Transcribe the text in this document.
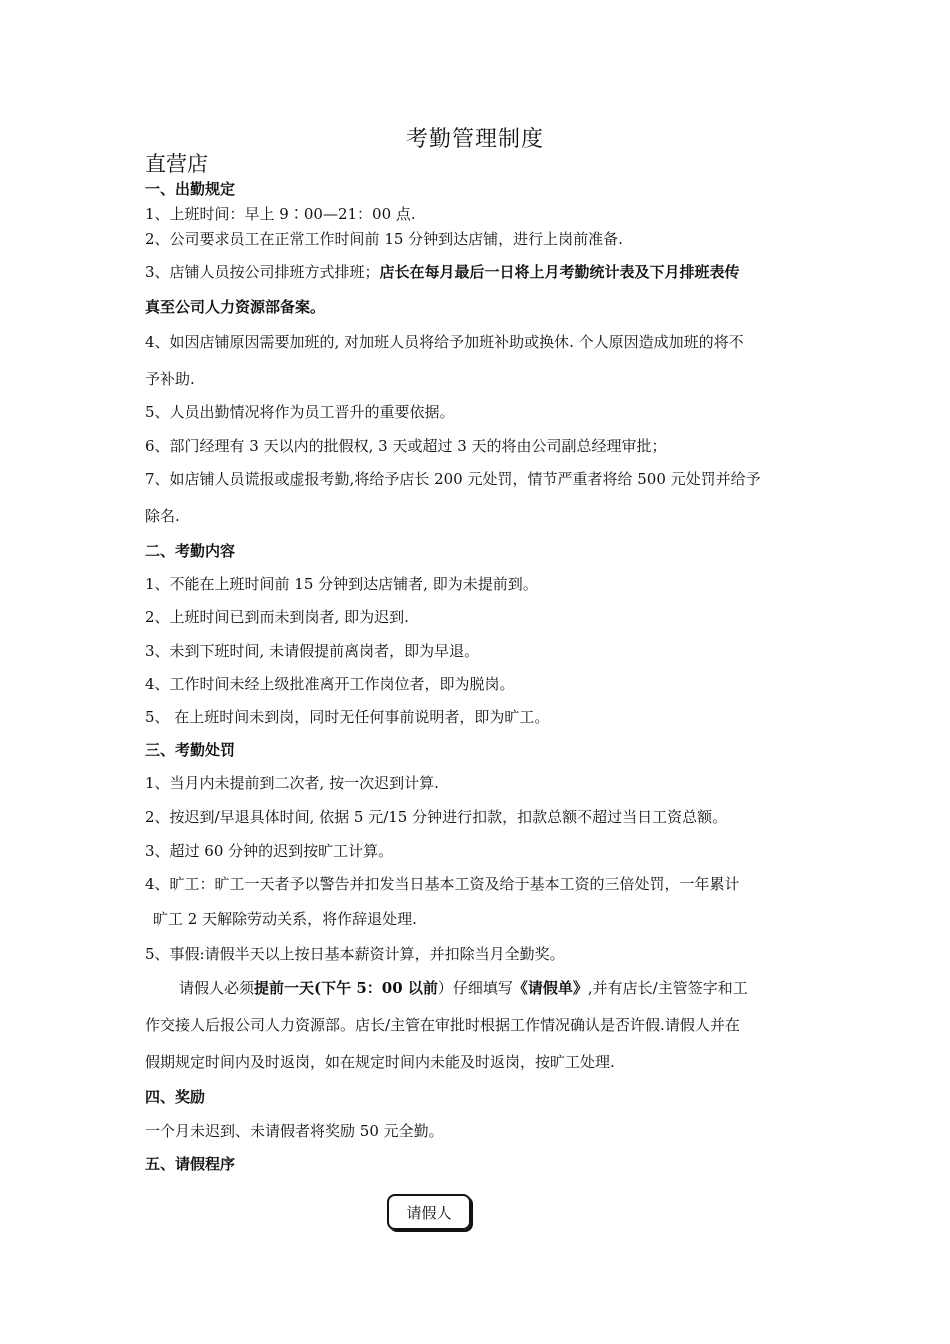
考勤管理制度
直营店
一、出勤规定
1、上班时间：早上 9∶00—21：00 点.
2、公司要求员工在正常工作时间前 15 分钟到达店铺，进行上岗前准备.
3、店铺人员按公司排班方式排班；店长在每月最后一日将上月考勤统计表及下月排班表传
真至公司人力资源部备案。
4、如因店铺原因需要加班的, 对加班人员将给予加班补助或换休. 个人原因造成加班的将不
予补助.
5、人员出勤情况将作为员工晋升的重要依据。
6、部门经理有 3 天以内的批假权, 3 天或超过 3 天的将由公司副总经理审批；
7、如店铺人员谎报或虚报考勤,将给予店长 200 元处罚，情节严重者将给 500 元处罚并给予
除名.
二、考勤内容
1、不能在上班时间前 15 分钟到达店铺者, 即为未提前到。
2、上班时间已到而未到岗者, 即为迟到.
3、未到下班时间, 未请假提前离岗者，即为早退。
4、工作时间未经上级批准离开工作岗位者，即为脱岗。
5、 在上班时间未到岗，同时无任何事前说明者，即为旷工。
三、考勤处罚
1、当月内未提前到二次者, 按一次迟到计算.
2、按迟到/早退具体时间, 依据 5 元/15 分钟进行扣款，扣款总额不超过当日工资总额。
3、超过 60 分钟的迟到按旷工计算。
4、旷工：旷工一天者予以警告并扣发当日基本工资及给于基本工资的三倍处罚，一年累计
旷工 2 天解除劳动关系，将作辞退处理.
5、事假:请假半天以上按日基本薪资计算，并扣除当月全勤奖。
请假人必须提前一天(下午 5：00 以前）仔细填写《请假单》,并有店长/主管签字和工
作交接人后报公司人力资源部。店长/主管在审批时根据工作情况确认是否许假.请假人并在
假期规定时间内及时返岗，如在规定时间内未能及时返岗，按旷工处理.
四、奖励
一个月未迟到、未请假者将奖励 50 元全勤。
五、请假程序
请假人
